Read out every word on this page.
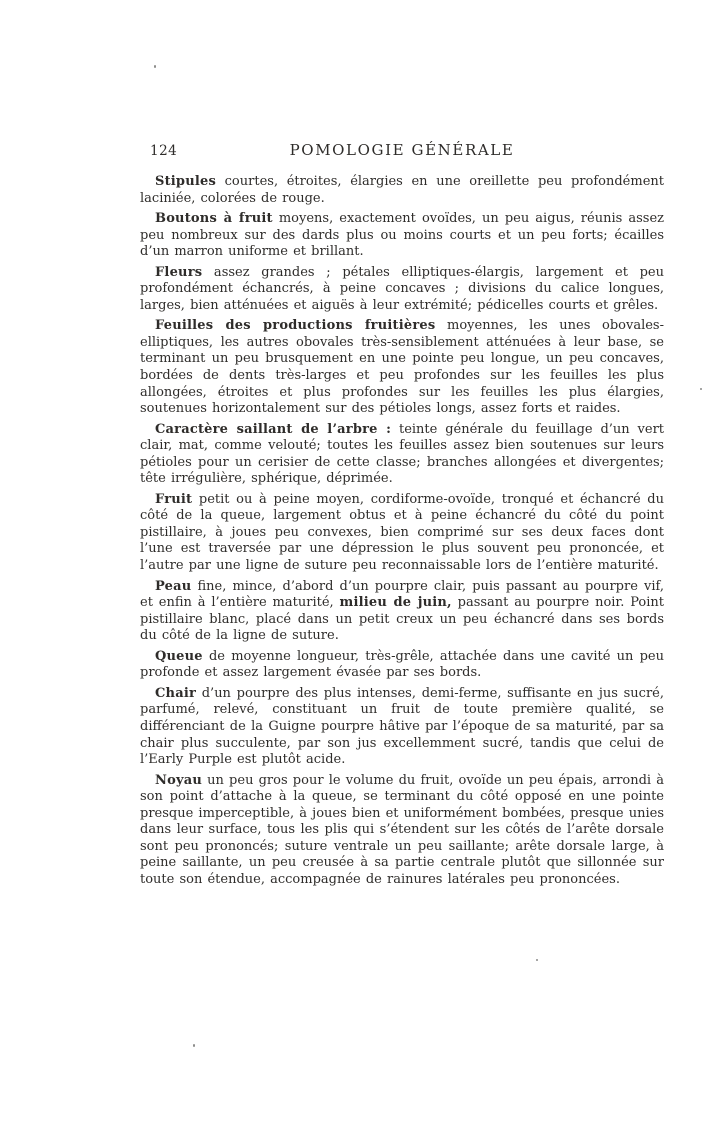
124	POMOLOGIE GÉNÉRALE

Stipules courtes, étroites, élargies en une oreillette peu profondément laciniée, colorées de rouge.

Boutons à fruit moyens, exactement ovoïdes, un peu aigus, réunis assez peu nombreux sur des dards plus ou moins courts et un peu forts; écailles d’un marron uniforme et brillant.

Fleurs assez grandes ; pétales elliptiques-élargis, largement et peu profondément échancrés, à peine concaves ; divisions du calice longues, larges, bien atténuées et aiguës à leur extrémité; pédicelles courts et grêles.

Feuilles des productions fruitières moyennes, les unes obovales-elliptiques, les autres obovales très-sensiblement atténuées à leur base, se terminant un peu brusquement en une pointe peu longue, un peu concaves, bordées de dents très-larges et peu profondes sur les feuilles les plus allongées, étroites et plus profondes sur les feuilles les plus élargies, soutenues horizontalement sur des pétioles longs, assez forts et raides.

Caractère saillant de l’arbre : teinte générale du feuillage d’un vert clair, mat, comme velouté; toutes les feuilles assez bien soutenues sur leurs pétioles pour un cerisier de cette classe; branches allongées et divergentes; tête irrégulière, sphérique, déprimée.

Fruit petit ou à peine moyen, cordiforme-ovoïde, tronqué et échancré du côté de la queue, largement obtus et à peine échancré du côté du point pistillaire, à joues peu convexes, bien comprimé sur ses deux faces dont l’une est traversée par une dépression le plus souvent peu prononcée, et l’autre par une ligne de suture peu reconnaissable lors de l’entière maturité.

Peau fine, mince, d’abord d’un pourpre clair, puis passant au pourpre vif, et enfin à l’entière maturité, milieu de juin, passant au pourpre noir. Point pistillaire blanc, placé dans un petit creux un peu échancré dans ses bords du côté de la ligne de suture.

Queue de moyenne longueur, très-grêle, attachée dans une cavité un peu profonde et assez largement évasée par ses bords.

Chair d’un pourpre des plus intenses, demi-ferme, suffisante en jus sucré, parfumé, relevé, constituant un fruit de toute première qualité, se différenciant de la Guigne pourpre hâtive par l’époque de sa maturité, par sa chair plus succulente, par son jus excellemment sucré, tandis que celui de l’Early Purple est plutôt acide.

Noyau un peu gros pour le volume du fruit, ovoïde un peu épais, arrondi à son point d’attache à la queue, se terminant du côté opposé en une pointe presque imperceptible, à joues bien et uniformément bombées, presque unies dans leur surface, tous les plis qui s’étendent sur les côtés de l’arête dorsale sont peu prononcés; suture ventrale un peu saillante; arête dorsale large, à peine saillante, un peu creusée à sa partie centrale plutôt que sillonnée sur toute son étendue, accompagnée de rainures latérales peu prononcées.
